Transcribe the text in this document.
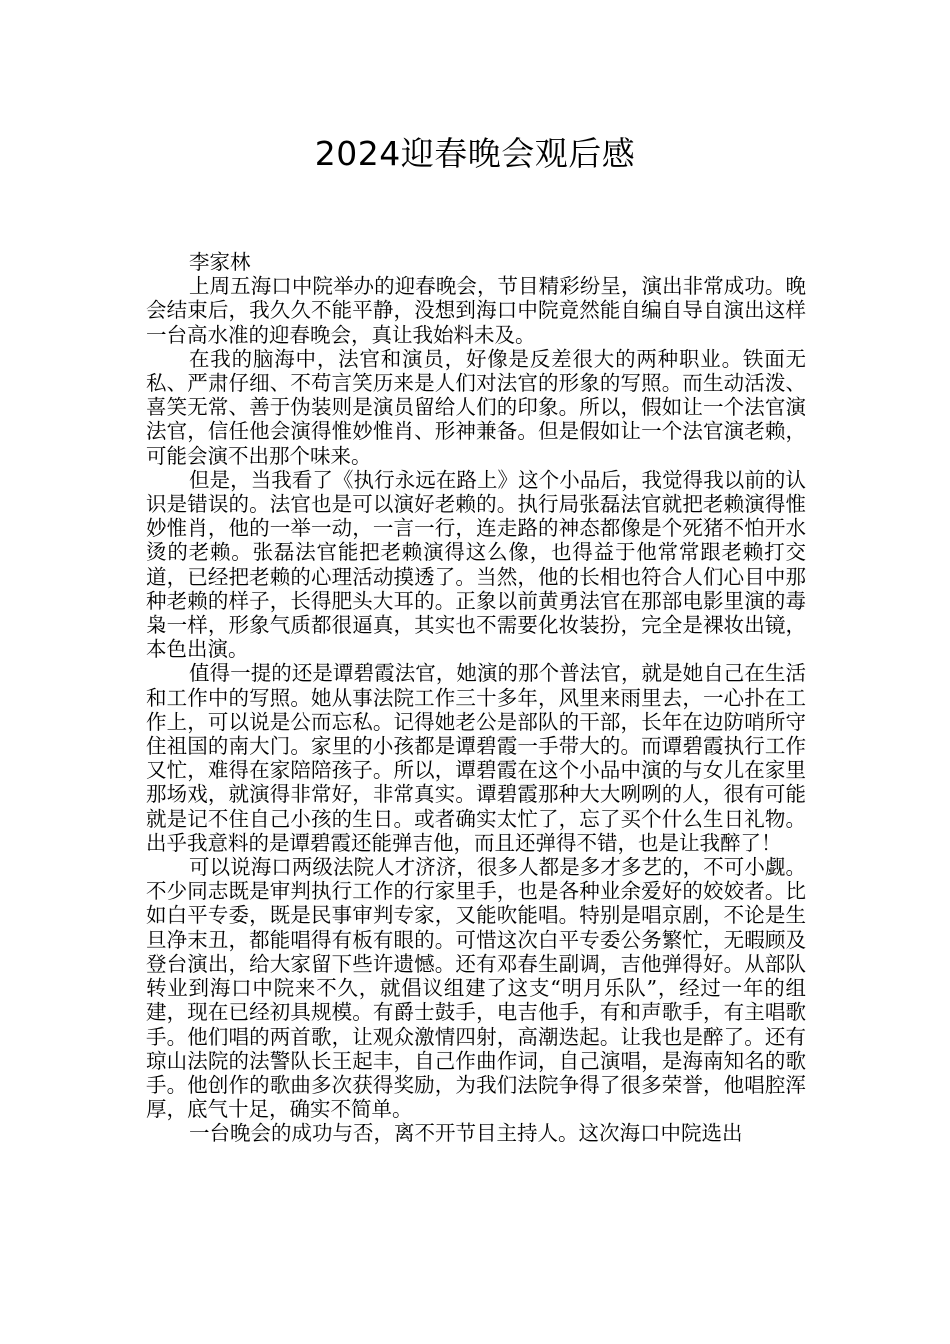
2024迎春晚会观后感

李家林

上周五海口中院举办的迎春晚会，节目精彩纷呈，演出非常成功。晚会结束后，我久久不能平静，没想到海口中院竟然能自编自导自演出这样一台高水准的迎春晚会，真让我始料未及。

在我的脑海中，法官和演员，好像是反差很大的两种职业。铁面无私、严肃仔细、不苟言笑历来是人们对法官的形象的写照。而生动活泼、喜笑无常、善于伪装则是演员留给人们的印象。所以，假如让一个法官演法官，信任他会演得惟妙惟肖、形神兼备。但是假如让一个法官演老赖，可能会演不出那个味来。

但是，当我看了《执行永远在路上》这个小品后，我觉得我以前的认识是错误的。法官也是可以演好老赖的。执行局张磊法官就把老赖演得惟妙惟肖，他的一举一动，一言一行，连走路的神态都像是个死猪不怕开水烫的老赖。张磊法官能把老赖演得这么像，也得益于他常常跟老赖打交道，已经把老赖的心理活动摸透了。当然，他的长相也符合人们心目中那种老赖的样子，长得肥头大耳的。正象以前黄勇法官在那部电影里演的毒枭一样，形象气质都很逼真，其实也不需要化妆装扮，完全是裸妆出镜，本色出演。

值得一提的还是谭碧霞法官，她演的那个普法官，就是她自己在生活和工作中的写照。她从事法院工作三十多年，风里来雨里去，一心扑在工作上，可以说是公而忘私。记得她老公是部队的干部，长年在边防哨所守住祖国的南大门。家里的小孩都是谭碧霞一手带大的。而谭碧霞执行工作又忙，难得在家陪陪孩子。所以，谭碧霞在这个小品中演的与女儿在家里那场戏，就演得非常好，非常真实。谭碧霞那种大大咧咧的人，很有可能就是记不住自己小孩的生日。或者确实太忙了，忘了买个什么生日礼物。出乎我意料的是谭碧霞还能弹吉他，而且还弹得不错，也是让我醉了！

可以说海口两级法院人才济济，很多人都是多才多艺的，不可小觑。不少同志既是审判执行工作的行家里手，也是各种业余爱好的姣姣者。比如白平专委，既是民事审判专家，又能吹能唱。特别是唱京剧，不论是生旦净末丑，都能唱得有板有眼的。可惜这次白平专委公务繁忙，无暇顾及登台演出，给大家留下些许遗憾。还有邓春生副调，吉他弹得好。从部队转业到海口中院来不久，就倡议组建了这支“明月乐队”，经过一年的组建，现在已经初具规模。有爵士鼓手，电吉他手，有和声歌手，有主唱歌手。他们唱的两首歌，让观众激情四射，高潮迭起。让我也是醉了。还有琼山法院的法警队长王起丰，自己作曲作词，自己演唱，是海南知名的歌手。他创作的歌曲多次获得奖励，为我们法院争得了很多荣誉，他唱腔浑厚，底气十足，确实不简单。

一台晚会的成功与否，离不开节目主持人。这次海口中院选出
